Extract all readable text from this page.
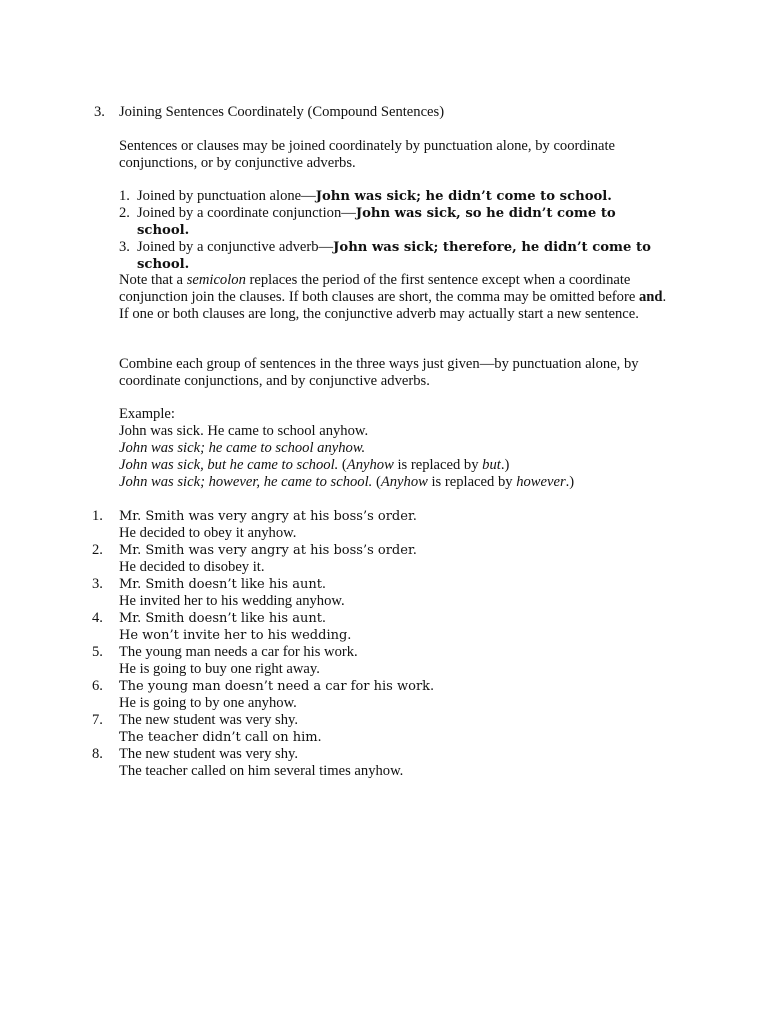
3. Joining Sentences Coordinately (Compound Sentences)
Sentences or clauses may be joined coordinately by punctuation alone, by coordinate conjunctions, or by conjunctive adverbs.
1. Joined by punctuation alone—John was sick; he didn’t come to school.
2. Joined by a coordinate conjunction—John was sick, so he didn’t come to school.
3. Joined by a conjunctive adverb—John was sick; therefore, he didn’t come to school.
Note that a semicolon replaces the period of the first sentence except when a coordinate conjunction join the clauses. If both clauses are short, the comma may be omitted before and. If one or both clauses are long, the conjunctive adverb may actually start a new sentence.
Combine each group of sentences in the three ways just given—by punctuation alone, by coordinate conjunctions, and by conjunctive adverbs.
Example:
John was sick. He came to school anyhow.
John was sick; he came to school anyhow.
John was sick, but he came to school. (Anyhow is replaced by but.)
John was sick; however, he came to school. (Anyhow is replaced by however.)
1. Mr. Smith was very angry at his boss’s order.
He decided to obey it anyhow.
2. Mr. Smith was very angry at his boss’s order.
He decided to disobey it.
3. Mr. Smith doesn’t like his aunt.
He invited her to his wedding anyhow.
4. Mr. Smith doesn’t like his aunt.
He won’t invite her to his wedding.
5. The young man needs a car for his work.
He is going to buy one right away.
6. The young man doesn’t need a car for his work.
He is going to by one anyhow.
7. The new student was very shy.
The teacher didn’t call on him.
8. The new student was very shy.
The teacher called on him several times anyhow.
